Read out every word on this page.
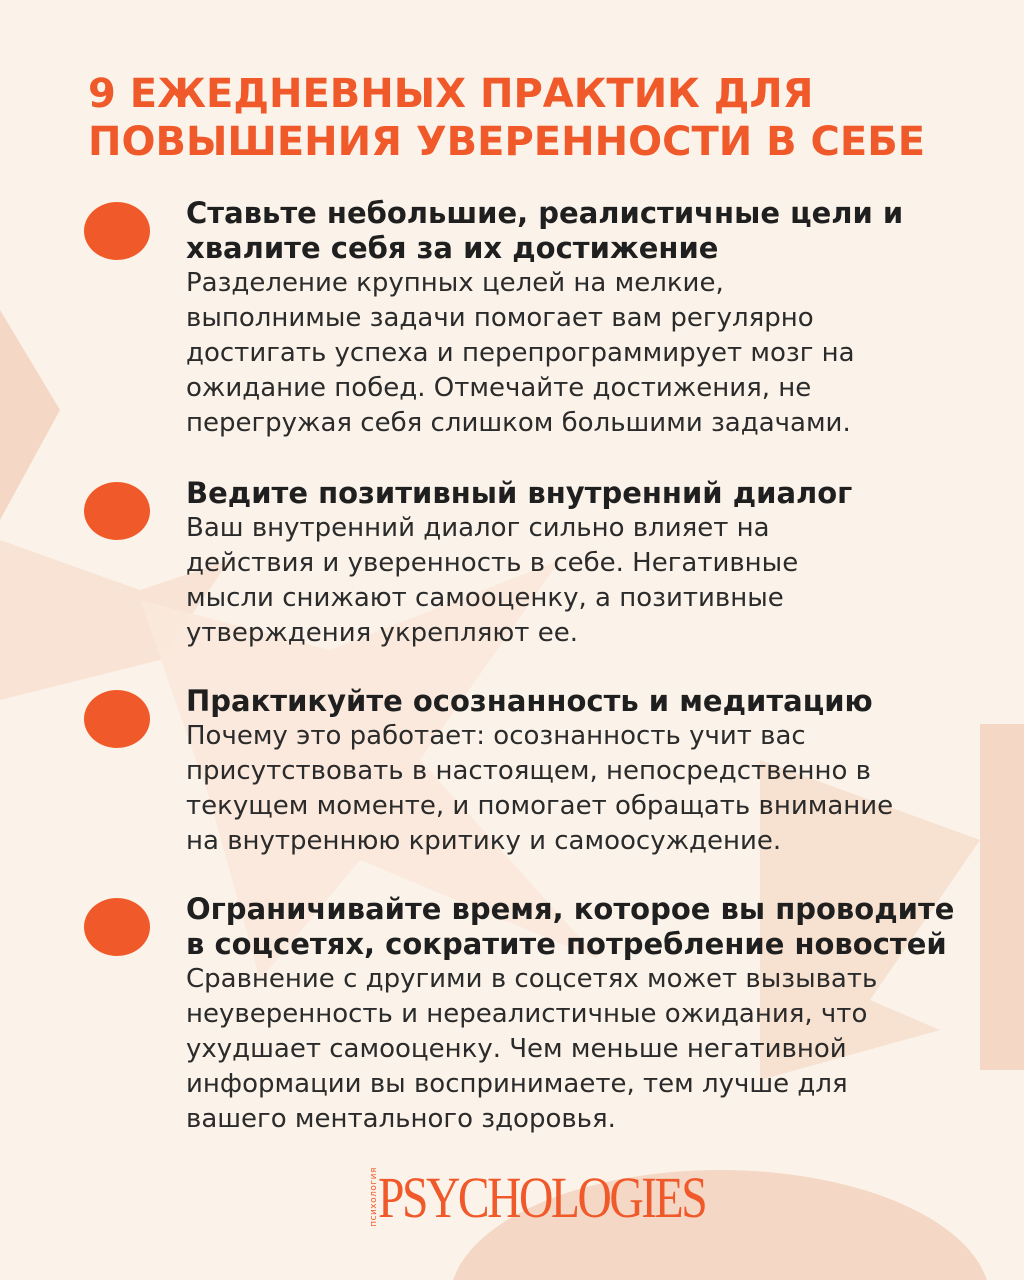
9 ЕЖЕДНЕВНЫХ ПРАКТИК ДЛЯ
ПОВЫШЕНИЯ УВЕРЕННОСТИ В СЕБЕ
Ставьте небольшие, реалистичные цели и
хвалите себя за их достижение
Разделение крупных целей на мелкие,
выполнимые задачи помогает вам регулярно
достигать успеха и перепрограммирует мозг на
ожидание побед. Отмечайте достижения, не
перегружая себя слишком большими задачами.
Ведите позитивный внутренний диалог
Ваш внутренний диалог сильно влияет на
действия и уверенность в себе. Негативные
мысли снижают самооценку, а позитивные
утверждения укрепляют ее.
Практикуйте осознанность и медитацию
Почему это работает: осознанность учит вас
присутствовать в настоящем, непосредственно в
текущем моменте, и помогает обращать внимание
на внутреннюю критику и самоосуждение.
Ограничивайте время, которое вы проводите
в соцсетях, сократите потребление новостей
Сравнение с другими в соцсетях может вызывать
неуверенность и нереалистичные ожидания, что
ухудшает самооценку. Чем меньше негативной
информации вы воспринимаете, тем лучше для
вашего ментального здоровья.
психология PSYCHOLOGIES
